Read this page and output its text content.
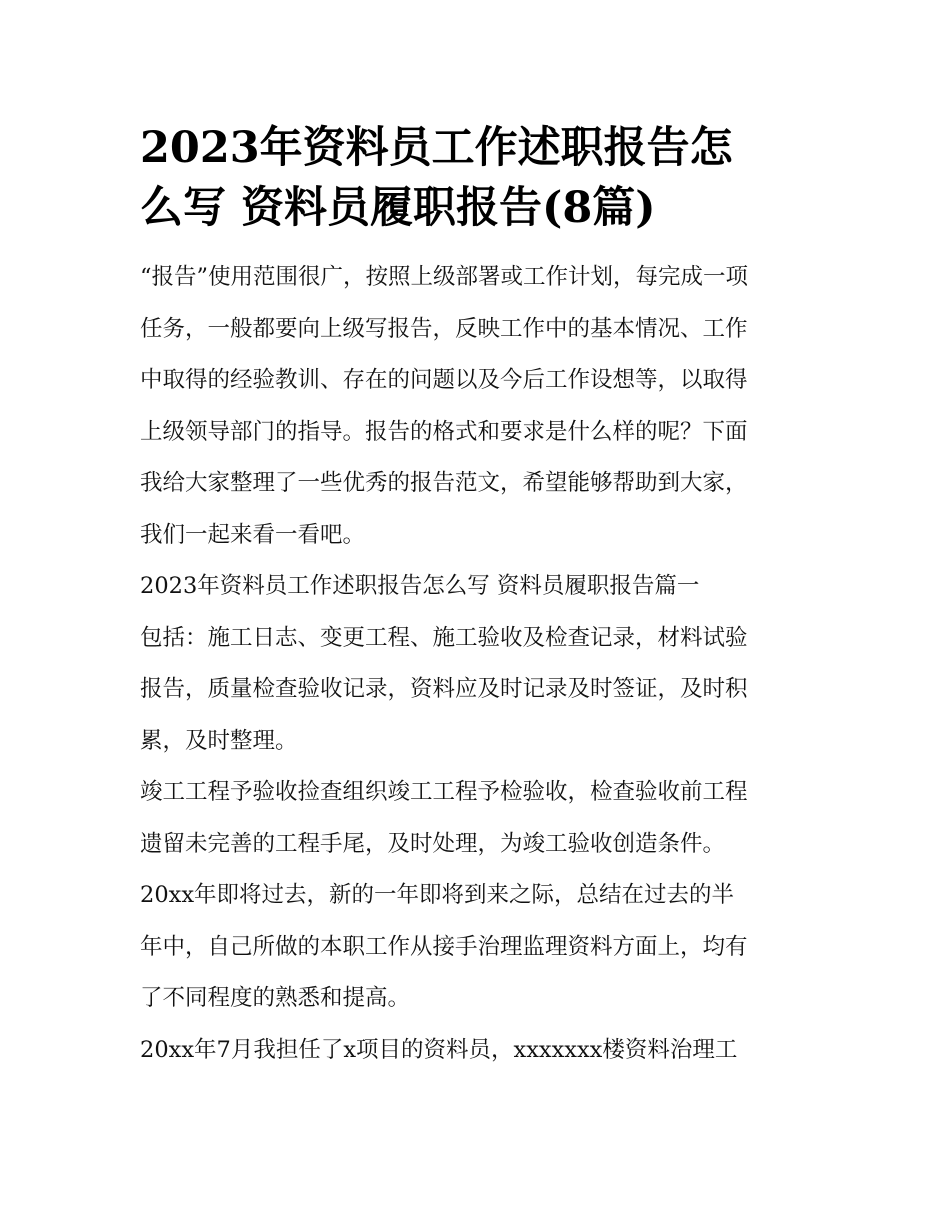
2023年资料员工作述职报告怎
么写 资料员履职报告(8篇)

“报告”使用范围很广，按照上级部署或工作计划，每完成一项
任务，一般都要向上级写报告，反映工作中的基本情况、工作
中取得的经验教训、存在的问题以及今后工作设想等，以取得
上级领导部门的指导。报告的格式和要求是什么样的呢？下面
我给大家整理了一些优秀的报告范文，希望能够帮助到大家，
我们一起来看一看吧。

2023年资料员工作述职报告怎么写 资料员履职报告篇一

包括：施工日志、变更工程、施工验收及检查记录，材料试验
报告，质量检查验收记录，资料应及时记录及时签证，及时积
累，及时整理。

竣工工程予验收捡查组织竣工工程予检验收，检查验收前工程
遗留未完善的工程手尾，及时处理，为竣工验收创造条件。

20xx年即将过去，新的一年即将到来之际，总结在过去的半
年中，自己所做的本职工作从接手治理监理资料方面上，均有
了不同程度的熟悉和提高。

20xx年7月我担任了x项目的资料员，xxxxxxx楼资料治理工
